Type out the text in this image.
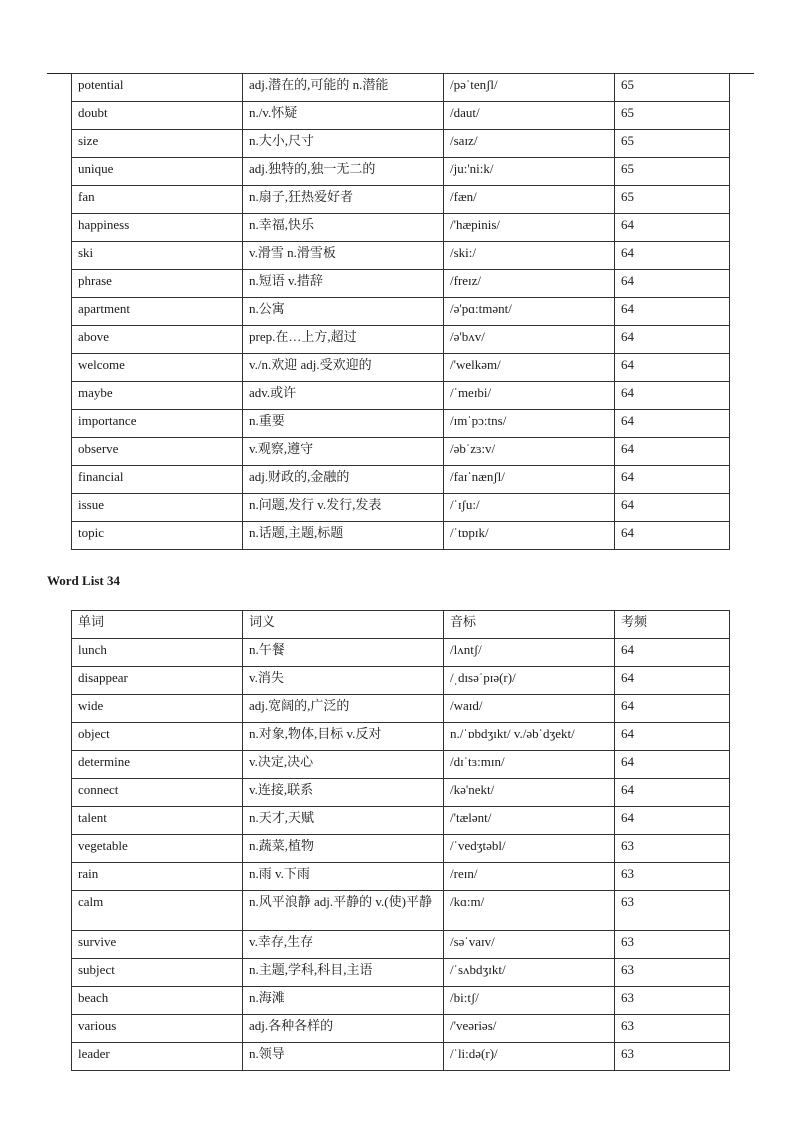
potential	adj.潜在的,可能的 n.潜能	/pəˈtenʃl/	65
doubt	n./v.怀疑	/daut/	65
size	n.大小,尺寸	/saɪz/	65
unique	adj.独特的,独一无二的	/ju:'ni:k/	65
fan	n.扇子,狂热爱好者	/fæn/	65
happiness	n.幸福,快乐	/'hæpinis/	64
ski	v.滑雪 n.滑雪板	/ski:/	64
phrase	n.短语 v.措辞	/freɪz/	64
apartment	n.公寓	/ə'pɑ:tmənt/	64
above	prep.在…上方,超过	/ə'bʌv/	64
welcome	v./n.欢迎 adj.受欢迎的	/'welkəm/	64
maybe	adv.或许	/ˈmeɪbi/	64
importance	n.重要	/ɪmˈpɔ:tns/	64
observe	v.观察,遵守	/əbˈzɜ:v/	64
financial	adj.财政的,金融的	/faɪˈnænʃl/	64
issue	n.问题,发行 v.发行,发表	/ˈɪʃu:/	64
topic	n.话题,主题,标题	/ˈtɒpɪk/	64
Word List 34
单词	词义	音标	考频
lunch	n.午餐	/lʌntʃ/	64
disappear	v.消失	/ˌdɪsəˈpɪə(r)/	64
wide	adj.宽阔的,广泛的	/waɪd/	64
object	n.对象,物体,目标 v.反对	n./ˈɒbdʒɪkt/ v./əbˈdʒekt/	64
determine	v.决定,决心	/dɪˈtɜ:mɪn/	64
connect	v.连接,联系	/kə'nekt/	64
talent	n.天才,天赋	/'tælənt/	64
vegetable	n.蔬菜,植物	/ˈvedʒtəbl/	63
rain	n.雨 v.下雨	/reɪn/	63
calm	n.风平浪静 adj.平静的 v.(使)平静	/kɑ:m/	63
survive	v.幸存,生存	/səˈvaɪv/	63
subject	n.主题,学科,科目,主语	/ˈsʌbdʒɪkt/	63
beach	n.海滩	/bi:tʃ/	63
various	adj.各种各样的	/'veəriəs/	63
leader	n.领导	/ˈli:də(r)/	63
